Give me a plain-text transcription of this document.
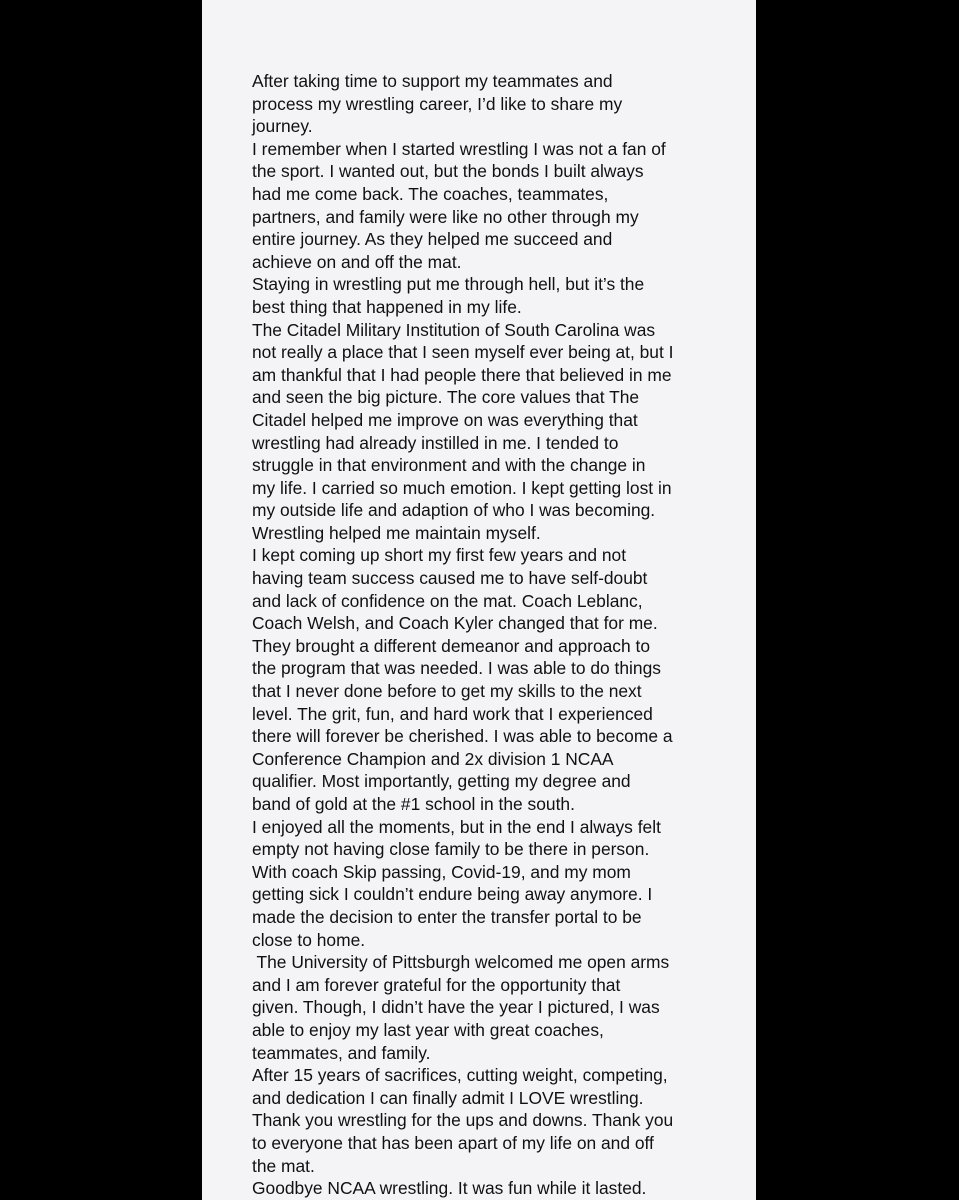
After taking time to support my teammates and
process my wrestling career, I’d like to share my
journey.
I remember when I started wrestling I was not a fan of
the sport. I wanted out, but the bonds I built always
had me come back. The coaches, teammates,
partners, and family were like no other through my
entire journey. As they helped me succeed and
achieve on and off the mat.
Staying in wrestling put me through hell, but it’s the
best thing that happened in my life.
The Citadel Military Institution of South Carolina was
not really a place that I seen myself ever being at, but I
am thankful that I had people there that believed in me
and seen the big picture. The core values that The
Citadel helped me improve on was everything that
wrestling had already instilled in me. I tended to
struggle in that environment and with the change in
my life. I carried so much emotion. I kept getting lost in
my outside life and adaption of who I was becoming.
Wrestling helped me maintain myself.
I kept coming up short my first few years and not
having team success caused me to have self-doubt
and lack of confidence on the mat. Coach Leblanc,
Coach Welsh, and Coach Kyler changed that for me.
They brought a different demeanor and approach to
the program that was needed. I was able to do things
that I never done before to get my skills to the next
level. The grit, fun, and hard work that I experienced
there will forever be cherished. I was able to become a
Conference Champion and 2x division 1 NCAA
qualifier. Most importantly, getting my degree and
band of gold at the #1 school in the south.
I enjoyed all the moments, but in the end I always felt
empty not having close family to be there in person.
With coach Skip passing, Covid-19, and my mom
getting sick I couldn’t endure being away anymore. I
made the decision to enter the transfer portal to be
close to home.
The University of Pittsburgh welcomed me open arms
and I am forever grateful for the opportunity that
given. Though, I didn’t have the year I pictured, I was
able to enjoy my last year with great coaches,
teammates, and family.
After 15 years of sacrifices, cutting weight, competing,
and dedication I can finally admit I LOVE wrestling.
Thank you wrestling for the ups and downs. Thank you
to everyone that has been apart of my life on and off
the mat.
Goodbye NCAA wrestling. It was fun while it lasted.
